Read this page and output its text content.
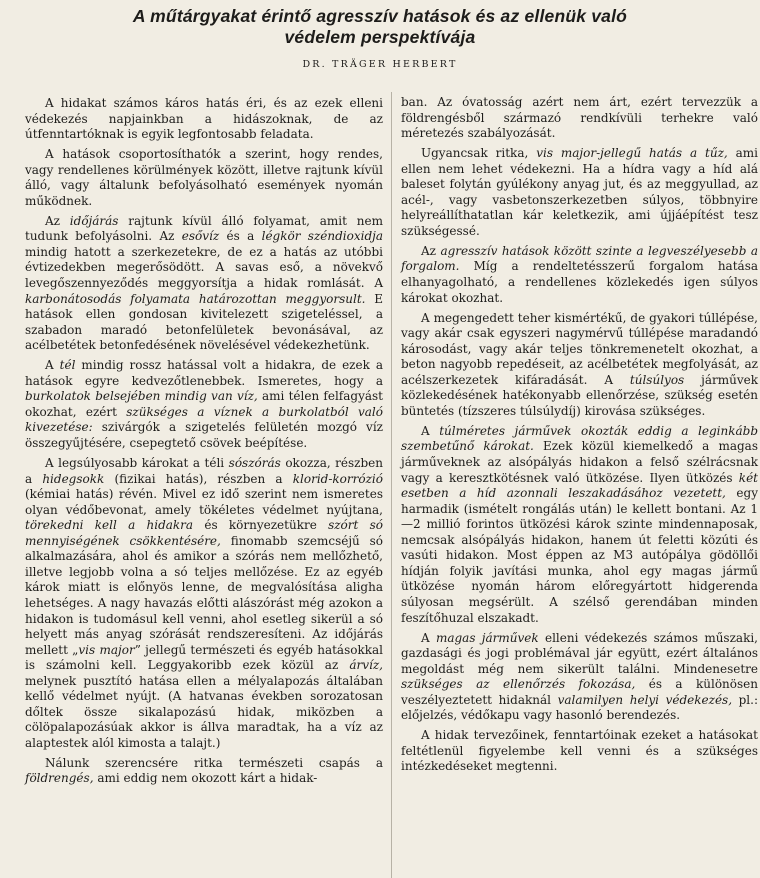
A műtárgyakat érintő agresszív hatások és az ellenük való
védelem perspektívája
DR. TRÄGER HERBERT

A hidakat számos káros hatás éri, és az ezek elleni védekezés napjainkban a hidászoknak, de az útfenntartóknak is egyik legfontosabb feladata.

A hatások csoportosíthatók a szerint, hogy rendes, vagy rendellenes körülmények között, illetve rajtunk kívül álló, vagy általunk befolyásolható események nyomán működnek.

Az időjárás rajtunk kívül álló folyamat, amit nem tudunk befolyásolni. Az esővíz és a légkör széndioxidja mindig hatott a szerkezetekre, de ez a hatás az utóbbi évtizedekben megerősödött. A savas eső, a növekvő levegőszennyeződés meggyorsítja a hidak romlását. A karbonátosodás folyamata határozottan meggyorsult. E hatások ellen gondosan kivitelezett szigeteléssel, a szabadon maradó betonfelületek bevonásával, az acélbetétek betonfedésének növelésével védekezhetünk.

A tél mindig rossz hatással volt a hidakra, de ezek a hatások egyre kedvezőtlenebbek. Ismeretes, hogy a burkolatok belsejében mindig van víz, ami télen felfagyást okozhat, ezért szükséges a víznek a burkolatból való kivezetése: szivárgók a szigetelés felületén mozgó víz összegyűjtésére, csepegtető csövek beépítése.

A legsúlyosabb károkat a téli sószórás okozza, részben a hidegsokk (fizikai hatás), részben a klorid-korrózió (kémiai hatás) révén. Mivel ez idő szerint nem ismeretes olyan védőbevonat, amely tökéletes védelmet nyújtana, törekedni kell a hidakra és környezetükre szórt só mennyiségének csökkentésére, finomabb szemcséjű só alkalmazására, ahol és amikor a szórás nem mellőzhető, illetve legjobb volna a só teljes mellőzése. Ez az egyéb károk miatt is előnyös lenne, de megvalósítása aligha lehetséges. A nagy havazás előtti alászórást még azokon a hidakon is tudomásul kell venni, ahol esetleg sikerül a só helyett más anyag szórását rendszeresíteni. Az időjárás mellett „vis major” jellegű természeti és egyéb hatásokkal is számolni kell. Leggyakoribb ezek közül az árvíz, melynek pusztító hatása ellen a mélyalapozás általában kellő védelmet nyújt. (A hatvanas években sorozatosan dőltek össze sikalapozású hidak, miközben a cölöpalapozásúak akkor is állva maradtak, ha a víz az alaptestek alól kimosta a talajt.)

Nálunk szerencsére ritka természeti csapás a földrengés, ami eddig nem okozott kárt a hidak-

ban. Az óvatosság azért nem árt, ezért tervezzük a földrengésből származó rendkívüli terhekre való méretezés szabályozását.

Ugyancsak ritka, vis major-jellegű hatás a tűz, ami ellen nem lehet védekezni. Ha a hídra vagy a híd alá baleset folytán gyúlékony anyag jut, és az meggyullad, az acél-, vagy vasbetonszerkezetben súlyos, többnyire helyreállíthatatlan kár keletkezik, ami újjáépítést tesz szükségessé.

Az agresszív hatások között szinte a legveszélyesebb a forgalom. Míg a rendeltetésszerű forgalom hatása elhanyagolható, a rendellenes közlekedés igen súlyos károkat okozhat.

A megengedett teher kismértékű, de gyakori túllépése, vagy akár csak egyszeri nagymérvű túllépése maradandó károsodást, vagy akár teljes tönkremenetelt okozhat, a beton nagyobb repedéseit, az acélbetétek megfolyását, az acélszerkezetek kifáradását. A túlsúlyos járművek közlekedésének hatékonyabb ellenőrzése, szükség esetén büntetés (tízszeres túlsúlydíj) kirovása szükséges.

A túlméretes járművek okozták eddig a leginkább szembetűnő károkat. Ezek közül kiemelkedő a magas járműveknek az alsópályás hidakon a felső szélrácsnak vagy a keresztkötésnek való ütközése. Ilyen ütközés két esetben a híd azonnali leszakadásához vezetett, egy harmadik (ismételt rongálás után) le kellett bontani. Az 1—2 millió forintos ütközési károk szinte mindennaposak, nemcsak alsópályás hidakon, hanem út feletti közúti és vasúti hidakon. Most éppen az M3 autópálya gödöllői hídján folyik javítási munka, ahol egy magas jármű ütközése nyomán három előregyártott hidgerenda súlyosan megsérült. A szélső gerendában minden feszítőhuzal elszakadt.

A magas járművek elleni védekezés számos műszaki, gazdasági és jogi problémával jár együtt, ezért általános megoldást még nem sikerült találni. Mindenesetre szükséges az ellenőrzés fokozása, és a különösen veszélyeztetett hidaknál valamilyen helyi védekezés, pl.: előjelzés, védőkapu vagy hasonló berendezés.

A hidak tervezőinek, fenntartóinak ezeket a hatásokat feltétlenül figyelembe kell venni és a szükséges intézkedéseket megtenni.
